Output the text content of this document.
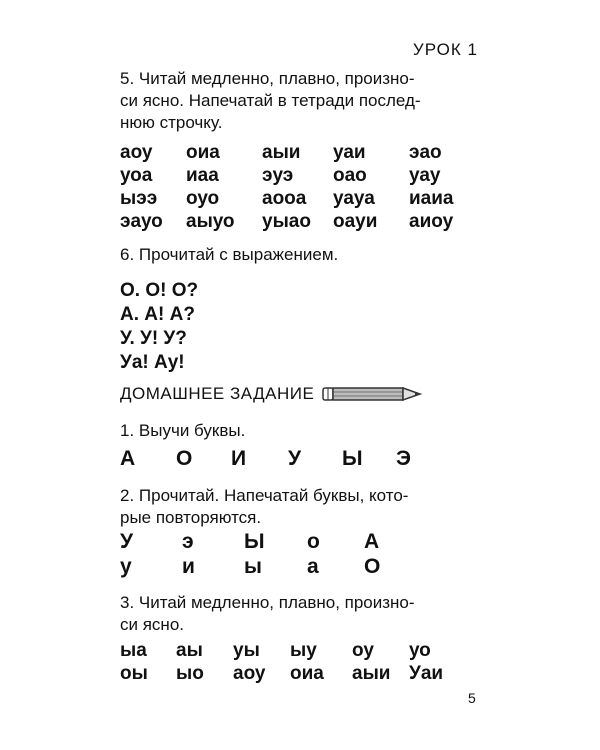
УРОК 1
5. Читай медленно, плавно, произно-
си ясно. Напечатай в тетради послед-
нюю строчку.
аоу оиа аыи уаи эао
уоа иаа эуэ оао уау
ыээ оуо аооа уауа иаиа
эауо аыуо уыао оауи аиоу
6. Прочитай с выражением.
О. О! О?
А. А! А?
У. У! У?
Уа! Ау!
ДОМАШНЕЕ ЗАДАНИЕ
1. Выучи буквы.
А О И У Ы Э
2. Прочитай. Напечатай буквы, кото-
рые повторяются.
У э Ы о А
у и ы а О
3. Читай медленно, плавно, произно-
си ясно.
ыа аы уы ыу оу уо
оы ыо аоу оиа аыи Уаи
5
